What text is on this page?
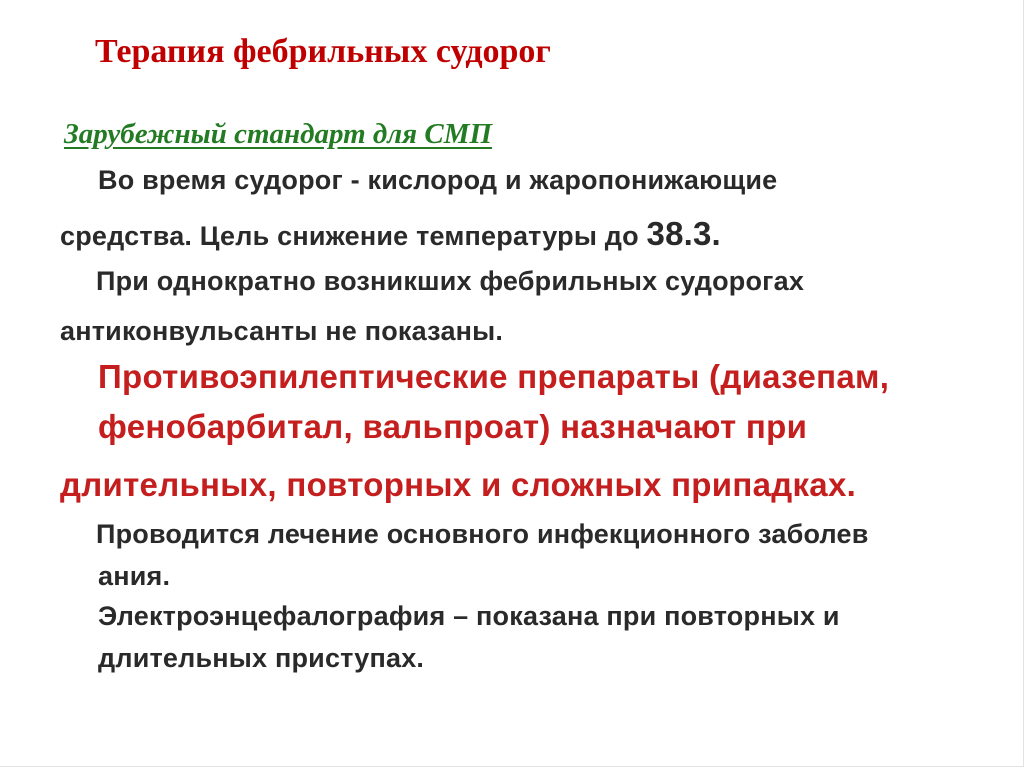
Терапия фебрильных судорог
Зарубежный стандарт для СМП
Во время судорог - кислород и жаропонижающие
средства. Цель снижение температуры до 38.3.
При однократно возникших фебрильных судорогах
антиконвульсанты не показаны.
Противоэпилептические препараты (диазепам,
фенобарбитал, вальпроат) назначают при
длительных, повторных и сложных припадках.
Проводится лечение основного инфекционного заболев
ания.
Электроэнцефалография – показана при повторных и
длительных приступах.
